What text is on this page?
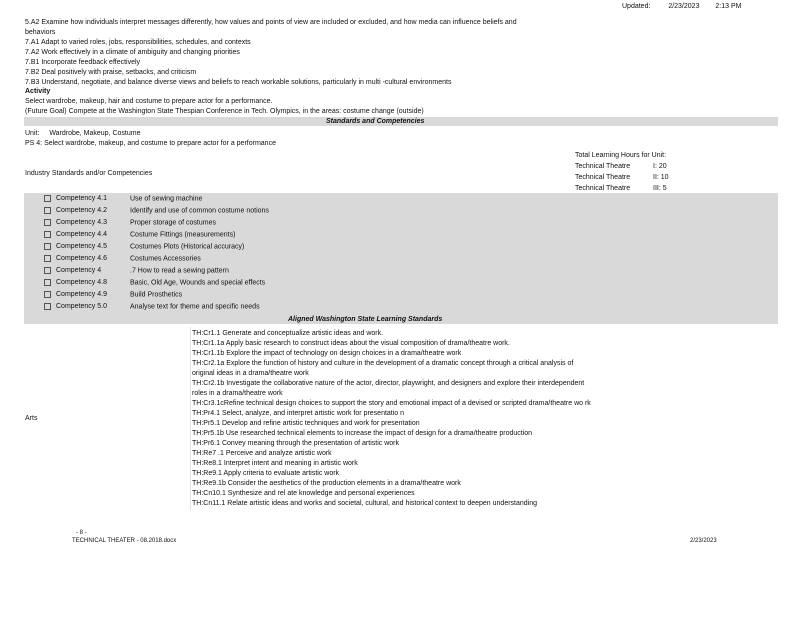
Updated:	2/23/2023 2:13 PM
5.A2 Examine how individuals interpret messages differently, how values and points of view are included or excluded, and how media can influence beliefs and
behaviors
7.A1 Adapt to varied roles, jobs, responsibilities, schedules, and contexts
7.A2 Work effectively in a climate of ambiguity and changing priorities
7.B1 Incorporate feedback effectively
7.B2 Deal positively with praise, setbacks, and criticism
7.B3 Understand, negotiate, and balance diverse views and beliefs to reach workable solutions, particularly in multi -cultural environments
Activity
Select wardrobe, makeup, hair and costume to prepare actor for a performance.
(Future Goal) Compete at the Washington State Thespian Conference in Tech. Olympics, in the areas: costume change (outside)
Standards and Competencies
Unit: Wardrobe, Makeup, Costume
PS 4: Select wardrobe, makeup, and costume to prepare actor for a performance
Total Learning Hours for Unit:
Technical Theatre	I: 20
Technical Theatre	II: 10
Technical Theatre	III: 5
Industry Standards and/or Competencies
Competency 4.1	Use of sewing machine
Competency 4.2	Identify and use of common costume notions
Competency 4.3	Proper storage of costumes
Competency 4.4	Costume Fittings (measurements)
Competency 4.5	Costumes Plots (Historical accuracy)
Competency 4.6	Costumes Accessories
Competency 4	.7 How to read a sewing pattern
Competency 4.8	Basic, Old Age, Wounds and special effects
Competency 4.9	Build Prosthetics
Competency 5.0	Analyse text for theme and specific needs
Aligned Washington State Learning Standards
Arts
TH:Cr1.1 Generate and conceptualize artistic ideas and work.
TH:Cr1.1a Apply basic research to construct ideas about the visual composition of drama/theatre work.
TH:Cr1.1b Explore the impact of technology on design choices in a drama/theatre work
TH:Cr2.1a Explore the function of history and culture in the development of a dramatic concept through a critical analysis of
original ideas in a drama/theatre work
TH:Cr2.1b Investigate the collaborative nature of the actor, director, playwright, and designers and explore their interdependent
roles in a drama/theatre work
TH:Cr3.1cRefine technical design choices to support the story and emotional impact of a devised or scripted drama/theatre wo rk
TH:Pr4.1 Select, analyze, and interpret artistic work for presentatio n
TH:Pr5.1 Develop and refine artistic techniques and work for presentation
TH:Pr5.1b Use researched technical elements to increase the impact of design for a drama/theatre production
TH:Pr6.1 Convey meaning through the presentation of artistic work
TH:Re7 .1 Perceive and analyze artistic work
TH:Re8.1 Interpret intent and meaning in artistic work
TH:Re9.1 Apply criteria to evaluate artistic work
TH:Re9.1b Consider the aesthetics of the production elements in a drama/theatre work
TH:Cn10.1 Synthesize and rel ate knowledge and personal experiences
TH:Cn11.1 Relate artistic ideas and works and societal, cultural, and historical context to deepen understanding
- 8 -
TECHNICAL THEATER - 08.2018.docx	2/23/2023
